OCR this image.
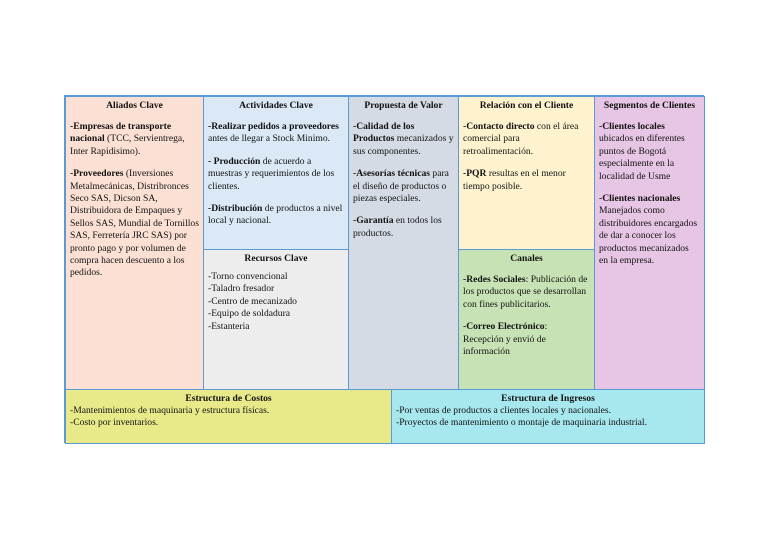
Aliados Clave

-Empresas de transporte nacional (TCC, Servientrega, Inter Rapidisimo).

-Proveedores (Inversiones Metalmecánicas, Distribronces Seco SAS, Dicson SA, Distribuidora de Empaques y Sellos SAS, Mundial de Tornillos SAS, Ferretería JRC SAS) por pronto pago y por volumen de compra hacen descuento a los pedidos.

Actividades Clave

-Realizar pedidos a proveedores antes de llegar a Stock Minimo.

- Producción de acuerdo a muestras y requerimientos de los clientes.

-Distribución de productos a nivel local y nacional.

Recursos Clave
-Torno convencional
-Taladro fresador
-Centro de mecanizado
-Equipo de soldadura
-Estanteria
Propuesta de Valor

-Calidad de los Productos mecanizados y sus componentes.

-Asesorías técnicas para el diseño de productos o piezas especiales.

-Garantía en todos los productos.

Relación con el Cliente

-Contacto directo con el área comercial para retroalimentación.

-PQR resultas en el menor tiempo posible.

Canales

-Redes Sociales: Publicación de los productos que se desarrollan con fines publicitarios.

-Correo Electrónico: Recepción y envió de información

Segmentos de Clientes

-Clientes locales ubicados en diferentes puntos de Bogotá especialmente en la localidad de Usme

-Clientes nacionales Manejados como distribuidores encargados de dar a conocer los productos mecanizados en la empresa.

Estructura de Costos
-Mantenimientos de maquinaria y estructura físicas.
-Costo por inventarios.
Estructura de Ingresos
-Por ventas de productos a clientes locales y nacionales.
-Proyectos de mantenimiento o montaje de maquinaria industrial.
